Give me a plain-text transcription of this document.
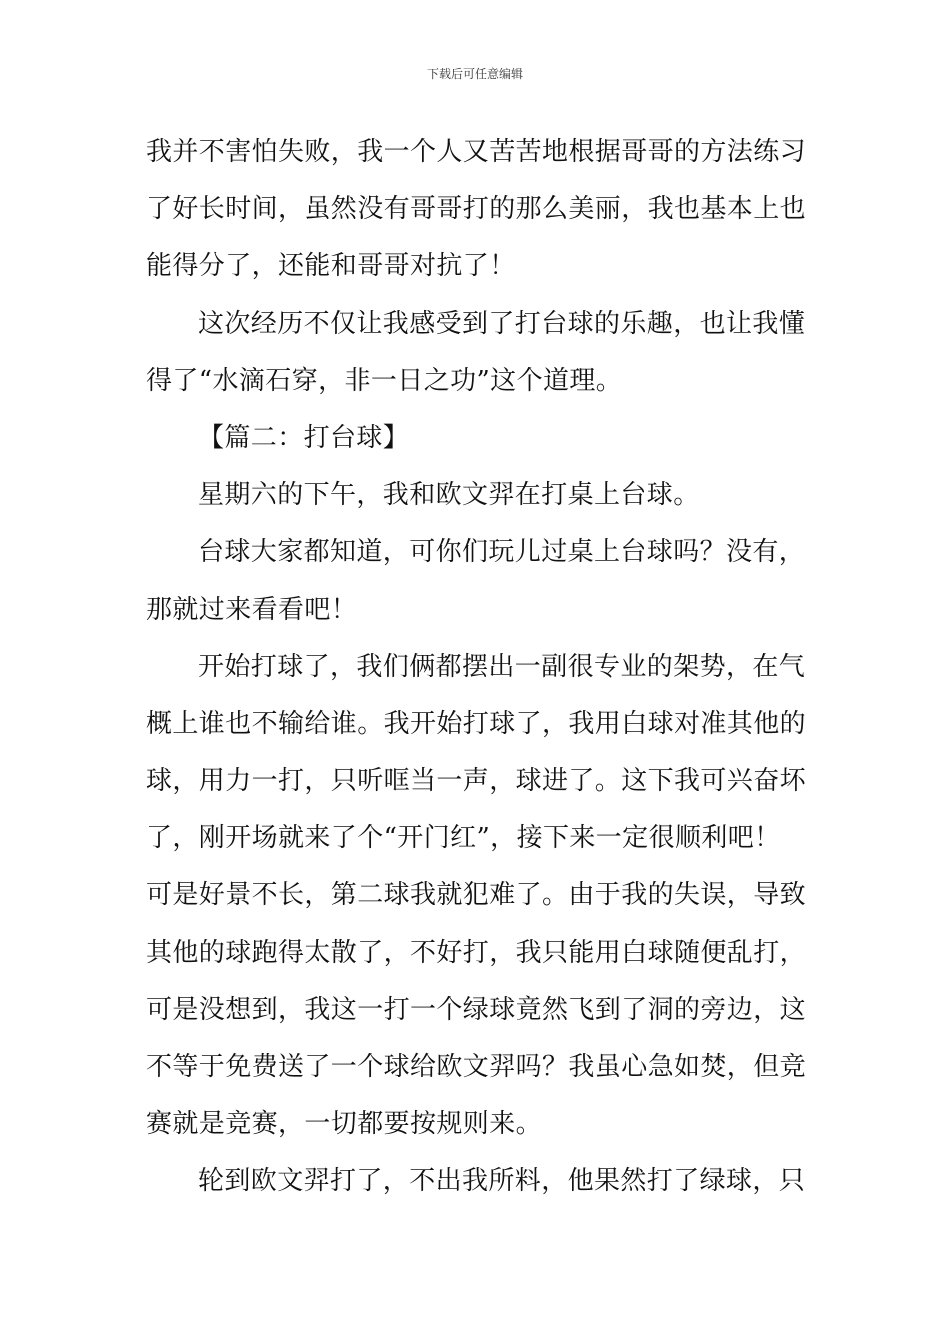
下载后可任意编辑
我并不害怕失败，我一个人又苦苦地根据哥哥的方法练习
了好长时间，虽然没有哥哥打的那么美丽，我也基本上也
能得分了，还能和哥哥对抗了！
这次经历不仅让我感受到了打台球的乐趣，也让我懂
得了“水滴石穿，非一日之功”这个道理。
【篇二：打台球】
星期六的下午，我和欧文羿在打桌上台球。
台球大家都知道，可你们玩儿过桌上台球吗？没有，
那就过来看看吧！
开始打球了，我们俩都摆出一副很专业的架势，在气
概上谁也不输给谁。我开始打球了，我用白球对准其他的
球，用力一打，只听哐当一声，球进了。这下我可兴奋坏
了，刚开场就来了个“开门红”，接下来一定很顺利吧！
可是好景不长，第二球我就犯难了。由于我的失误，导致
其他的球跑得太散了，不好打，我只能用白球随便乱打，
可是没想到，我这一打一个绿球竟然飞到了洞的旁边，这
不等于免费送了一个球给欧文羿吗？我虽心急如焚，但竞
赛就是竞赛，一切都要按规则来。
轮到欧文羿打了，不出我所料，他果然打了绿球，只
